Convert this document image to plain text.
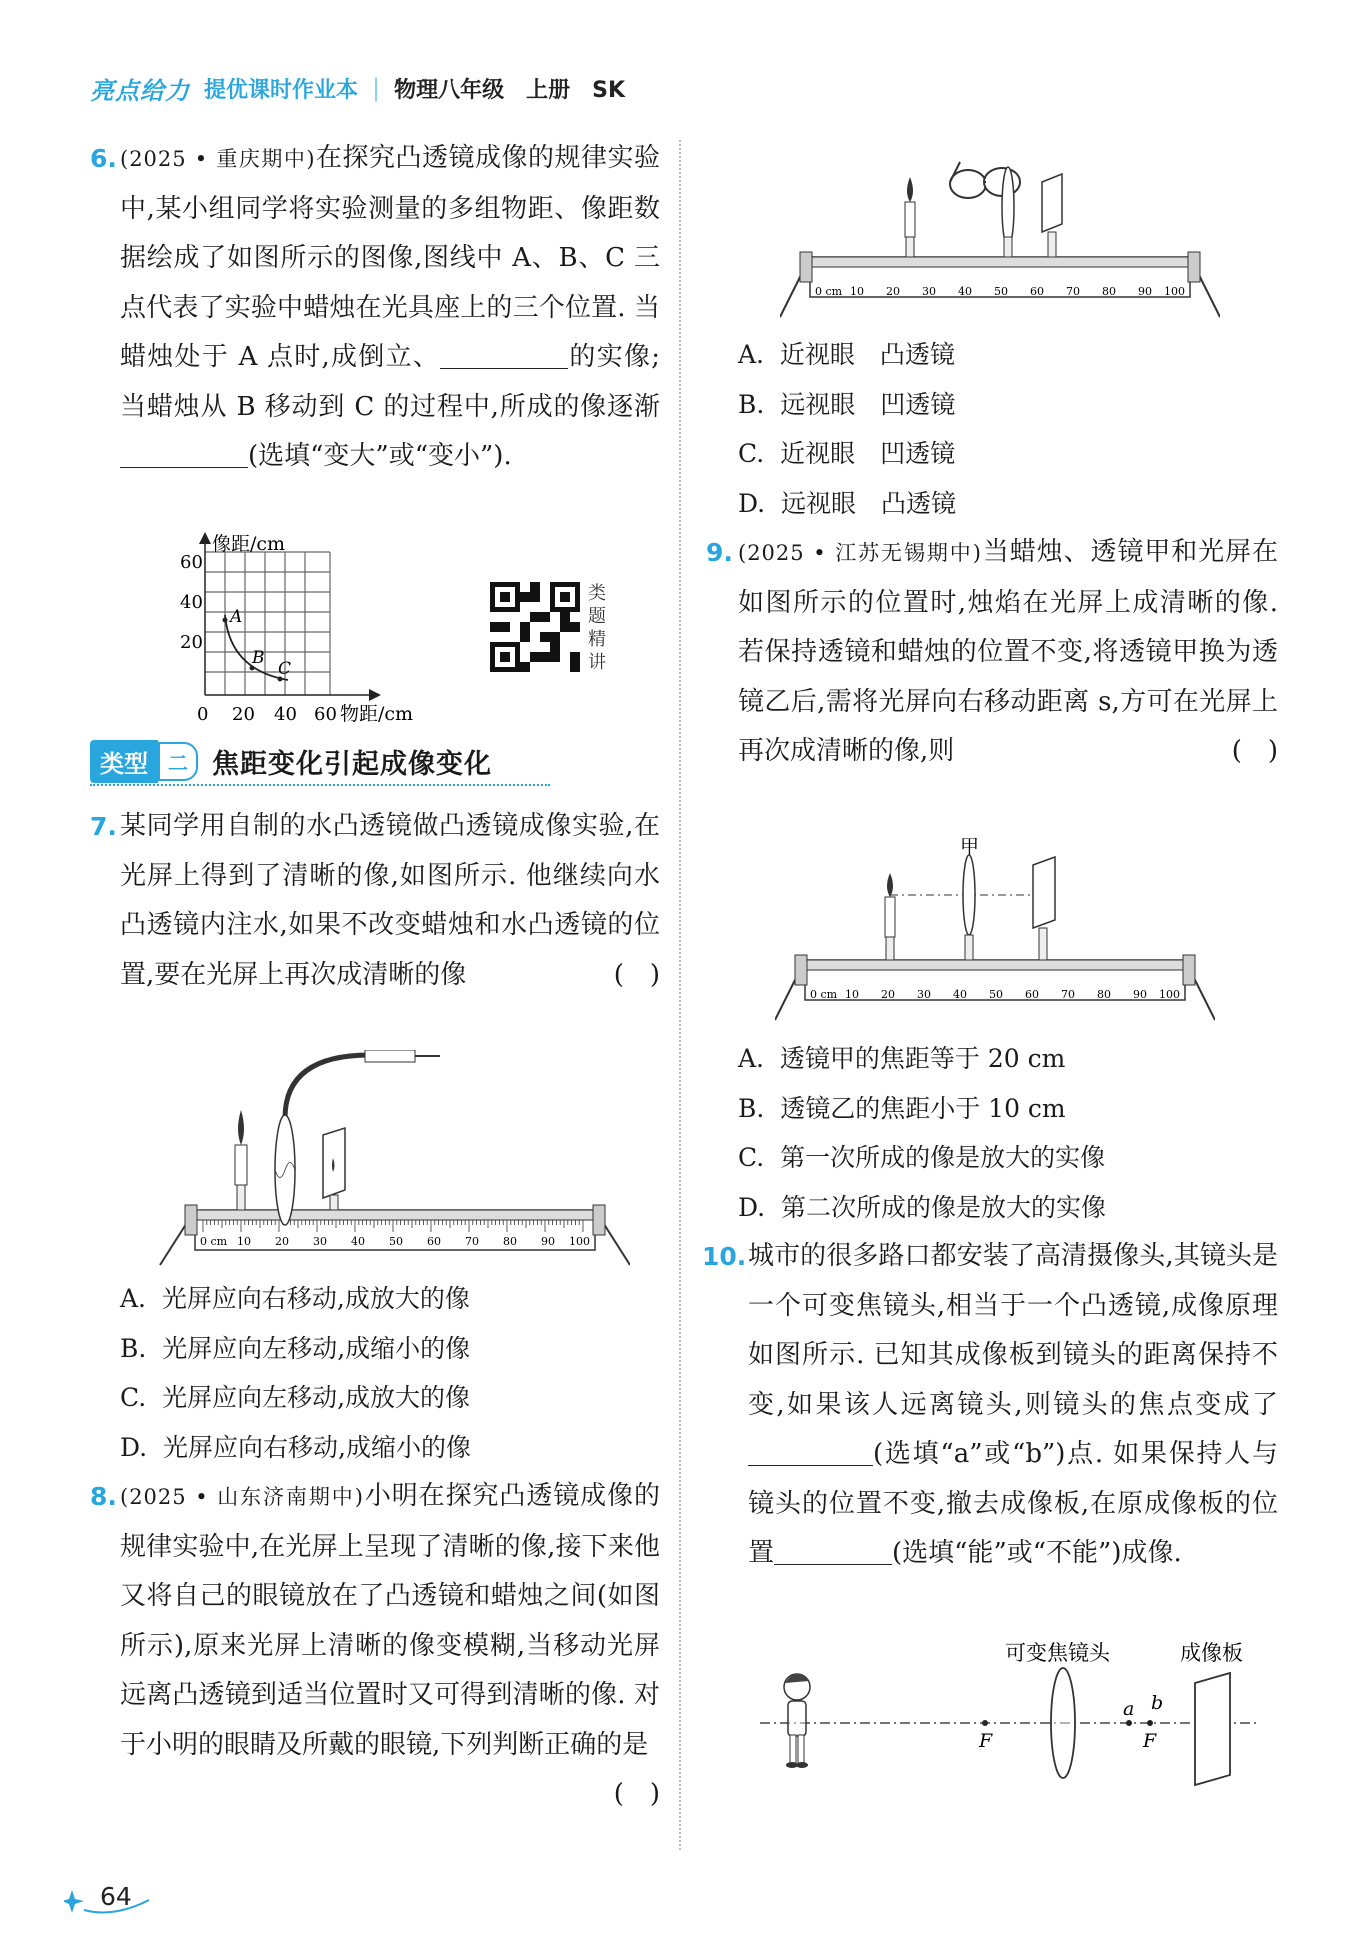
亮点给力 提优课时作业本 | 物理八年级　上册　SK
6. (2025 • 重庆期中)在探究凸透镜成像的规律实验中,某小组同学将实验测量的多组物距、像距数据绘成了如图所示的图像,图线中 A、B、C 三点代表了实验中蜡烛在光具座上的三个位置. 当蜡烛处于 A 点时,成倒立、	的实像;当蜡烛从 B 移动到 C 的过程中,所成的像逐渐(选填“变大”或“变小”).
A
B
C
像距/cm
60
40
20
0 20 40 60 物距/cm
类题精讲
类型	二 焦距变化引起成像变化
7. 某同学用自制的水凸透镜做凸透镜成像实验,在光屏上得到了清晰的像,如图所示. 他继续向水凸透镜内注水,如果不改变蜡烛和水凸透镜的位置,要在光屏上再次成清晰的像	(　)
0 cm 10 20 30 40 50 60 70 80 90 100
A.  光屏应向右移动,成放大的像
B.  光屏应向左移动,成缩小的像
C.  光屏应向左移动,成放大的像
D.  光屏应向右移动,成缩小的像
8. (2025 • 山东济南期中)小明在探究凸透镜成像的规律实验中,在光屏上呈现了清晰的像,接下来他又将自己的眼镜放在了凸透镜和蜡烛之间(如图所示),原来光屏上清晰的像变模糊,当移动光屏远离凸透镜到适当位置时又可得到清晰的像. 对于小明的眼睛及所戴的眼镜,下列判断正确的是
(　)
0 cm 10 20 30 40 50 60 70 80 90 100
A.  近视眼　凸透镜
B.  远视眼　凹透镜
C.  近视眼　凹透镜
D.  远视眼　凸透镜
9. (2025 • 江苏无锡期中)当蜡烛、透镜甲和光屏在如图所示的位置时,烛焰在光屏上成清晰的像. 若保持透镜和蜡烛的位置不变,将透镜甲换为透镜乙后,需将光屏向右移动距离 s,方可在光屏上再次成清晰的像,则	(　)
0 cm 10 20 30 40 50 60 70 80 90 100
甲
A.  透镜甲的焦距等于 20 cm
B.  透镜乙的焦距小于 10 cm
C.  第一次所成的像是放大的实像
D.  第二次所成的像是放大的实像
10. 城市的很多路口都安装了高清摄像头,其镜头是一个可变焦镜头,相当于一个凸透镜,成像原理如图所示. 已知其成像板到镜头的距离保持不变,如果该人远离镜头,则镜头的焦点变成了(选填“a”或“b”)点. 如果保持人与镜头的位置不变,撤去成像板,在原成像板的位置	(选填“能”或“不能”)成像.
F
可变焦镜头
a b
F
成像板
64
